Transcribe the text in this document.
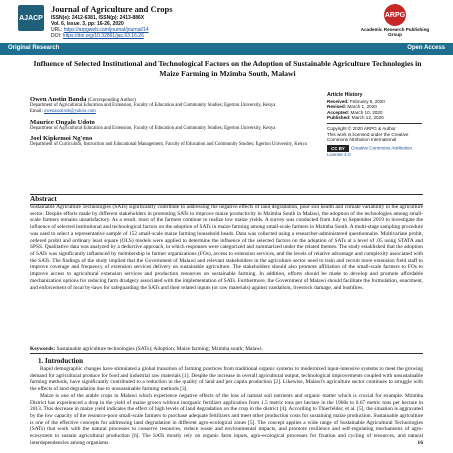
AJACP
Journal of Agriculture and Crops
ISSN(e): 2412-6381, ISSN(p): 2413-886X
Vol. 6, Issue. 3, pp: 16-26, 2020
URL: https://arpgweb.com/journal/journal/14
DOI: https://doi.org/10.32861/jac.63.16.26
ARPG
Academic Research Publishing Group
Original Research	Open Access
Influence of Selected Institutional and Technological Factors on the Adoption of Sustainable Agriculture Technologies in Maize Farming in Mzimba South, Malawi
Owen Austin Banda (Corresponding Author)
Department of Agricultural Education and Extension, Faculty of Education and Community Studies; Egerton University, Kenya
Email: owenaustinsb@yahoo.com
Maurice Ongalo Udoto
Department of Agricultural Education and Extension, Faculty of Education and Community Studies; Egerton University, Kenya
Joel Kipkemoi Ng'eno
Department of Curriculum, Instruction and Educational Management, Faculty of Education and Community Studies; Egerton University, Kenya
Article History
Received: February 9, 2020
Revised: March 1, 2020
Accepted: March 10, 2020
Published: March 12, 2020
Copyright © 2020 ARPG & Author
This work is licensed under the Creative Commons Attribution International
CC BY Creative Commons Attribution License 4.0
Abstract
Sustainable Agriculture Technologies (SATs) significantly contribute to addressing the negative effects of land degradation, poor soil health and climate variability in the agriculture sector. Despite efforts made by different stakeholders in promoting SATs to improve maize productivity in Mzimba South in Malawi, the adoption of the technologies among small-scale farmers remains unsatisfactory. As a result, most of the farmers continue to realize low maize yields. A survey was conducted from July to September 2019 to investigate the influence of selected institutional and technological factors on the adoption of SATs in maize farming among small-scale farmers in Mzimba South. A multi-stage sampling procedure was used to select a representative sample of 152 small-scale maize farming household heads. Data was collected using a researcher-administered questionnaire. Multivariate probit, ordered probit and ordinary least square (OLS) models were applied to determine the influence of the selected factors on the adoption of SATs at a level of .05 using STATA and SPSS. Qualitative data was analyzed by a deductive approach, in which responses were categorized and summarized under the related themes. The study established that the adoption of SATs was significantly influenced by membership in farmer organizations (FOs), access to extension services, and the levels of relative advantage and complexity associated with the SATs. The findings of the study implied that the Government of Malawi and relevant stakeholders in the agriculture sector need to train and recruit more extension field staff to improve coverage and frequency of extension services delivery on sustainable agriculture. The stakeholders should also promote affiliation of the small-scale farmers to FOs to improve access to agricultural extension services and production resources on sustainable farming. In addition, efforts should be made to develop and promote affordable mechanization options for reducing farm drudgery associated with the implementation of SATs. Furthermore, the Government of Malawi should facilitate the formulation, enactment, and enforcement of local by-laws for safeguarding the SATs and their related inputs (or raw materials) against vandalism, livestock damage, and bushfires.
Keywords: Sustainable agriculture technologies (SATs); Adoption; Maize farming; Mzimba south; Malawi.
1. Introduction

Rapid demographic changes have stimulated a global transition of farming practices from traditional organic systems to modernized input-intensive systems to meet the growing demand for agricultural produce for food and industrial raw materials [1]. Despite the increase in overall agricultural output, technological improvements coupled with unsustainable farming methods, have significantly contributed to a reduction in the quality of land and per capita production [2]. Likewise, Malawi's agriculture sector continues to struggle with the effects of land degradation due to unsustainable farming methods [3].

Maize is one of the arable crops in Malawi which experience negative effects of the loss of natural soil nutrients and organic matter which is crucial for example. Mzimba District has experienced a drop in the yield of maize grown without inorganic fertilizer application from 1.5 metric tons per hectare in the 1960s to 0.67 metric tons per hectare in 2013. This decrease in maize yield indicates the effect of high levels of land degradation on the crop in the district [4]. According to Thierfelder, et al. [5], the situation is aggravated by the low capacity of the resource-poor small-scale farmers to purchase adequate fertilizers and meet other production costs for sustaining maize production. Sustainable agriculture is one of the effective concepts for addressing land degradation in different agro-ecological zones [5]. The concept applies a wide range of Sustainable Agricultural Technologies (SATs) that work with the natural processes to conserve resources, reduce waste and environmental impacts, and promote resilience and self-regulating mechanisms of agro-ecosystem to sustain agricultural production [6]. The SATs mostly rely on organic farm inputs, agro-ecological processes for fixation and cycling of resources, and natural interdependencies among organisms.	16
